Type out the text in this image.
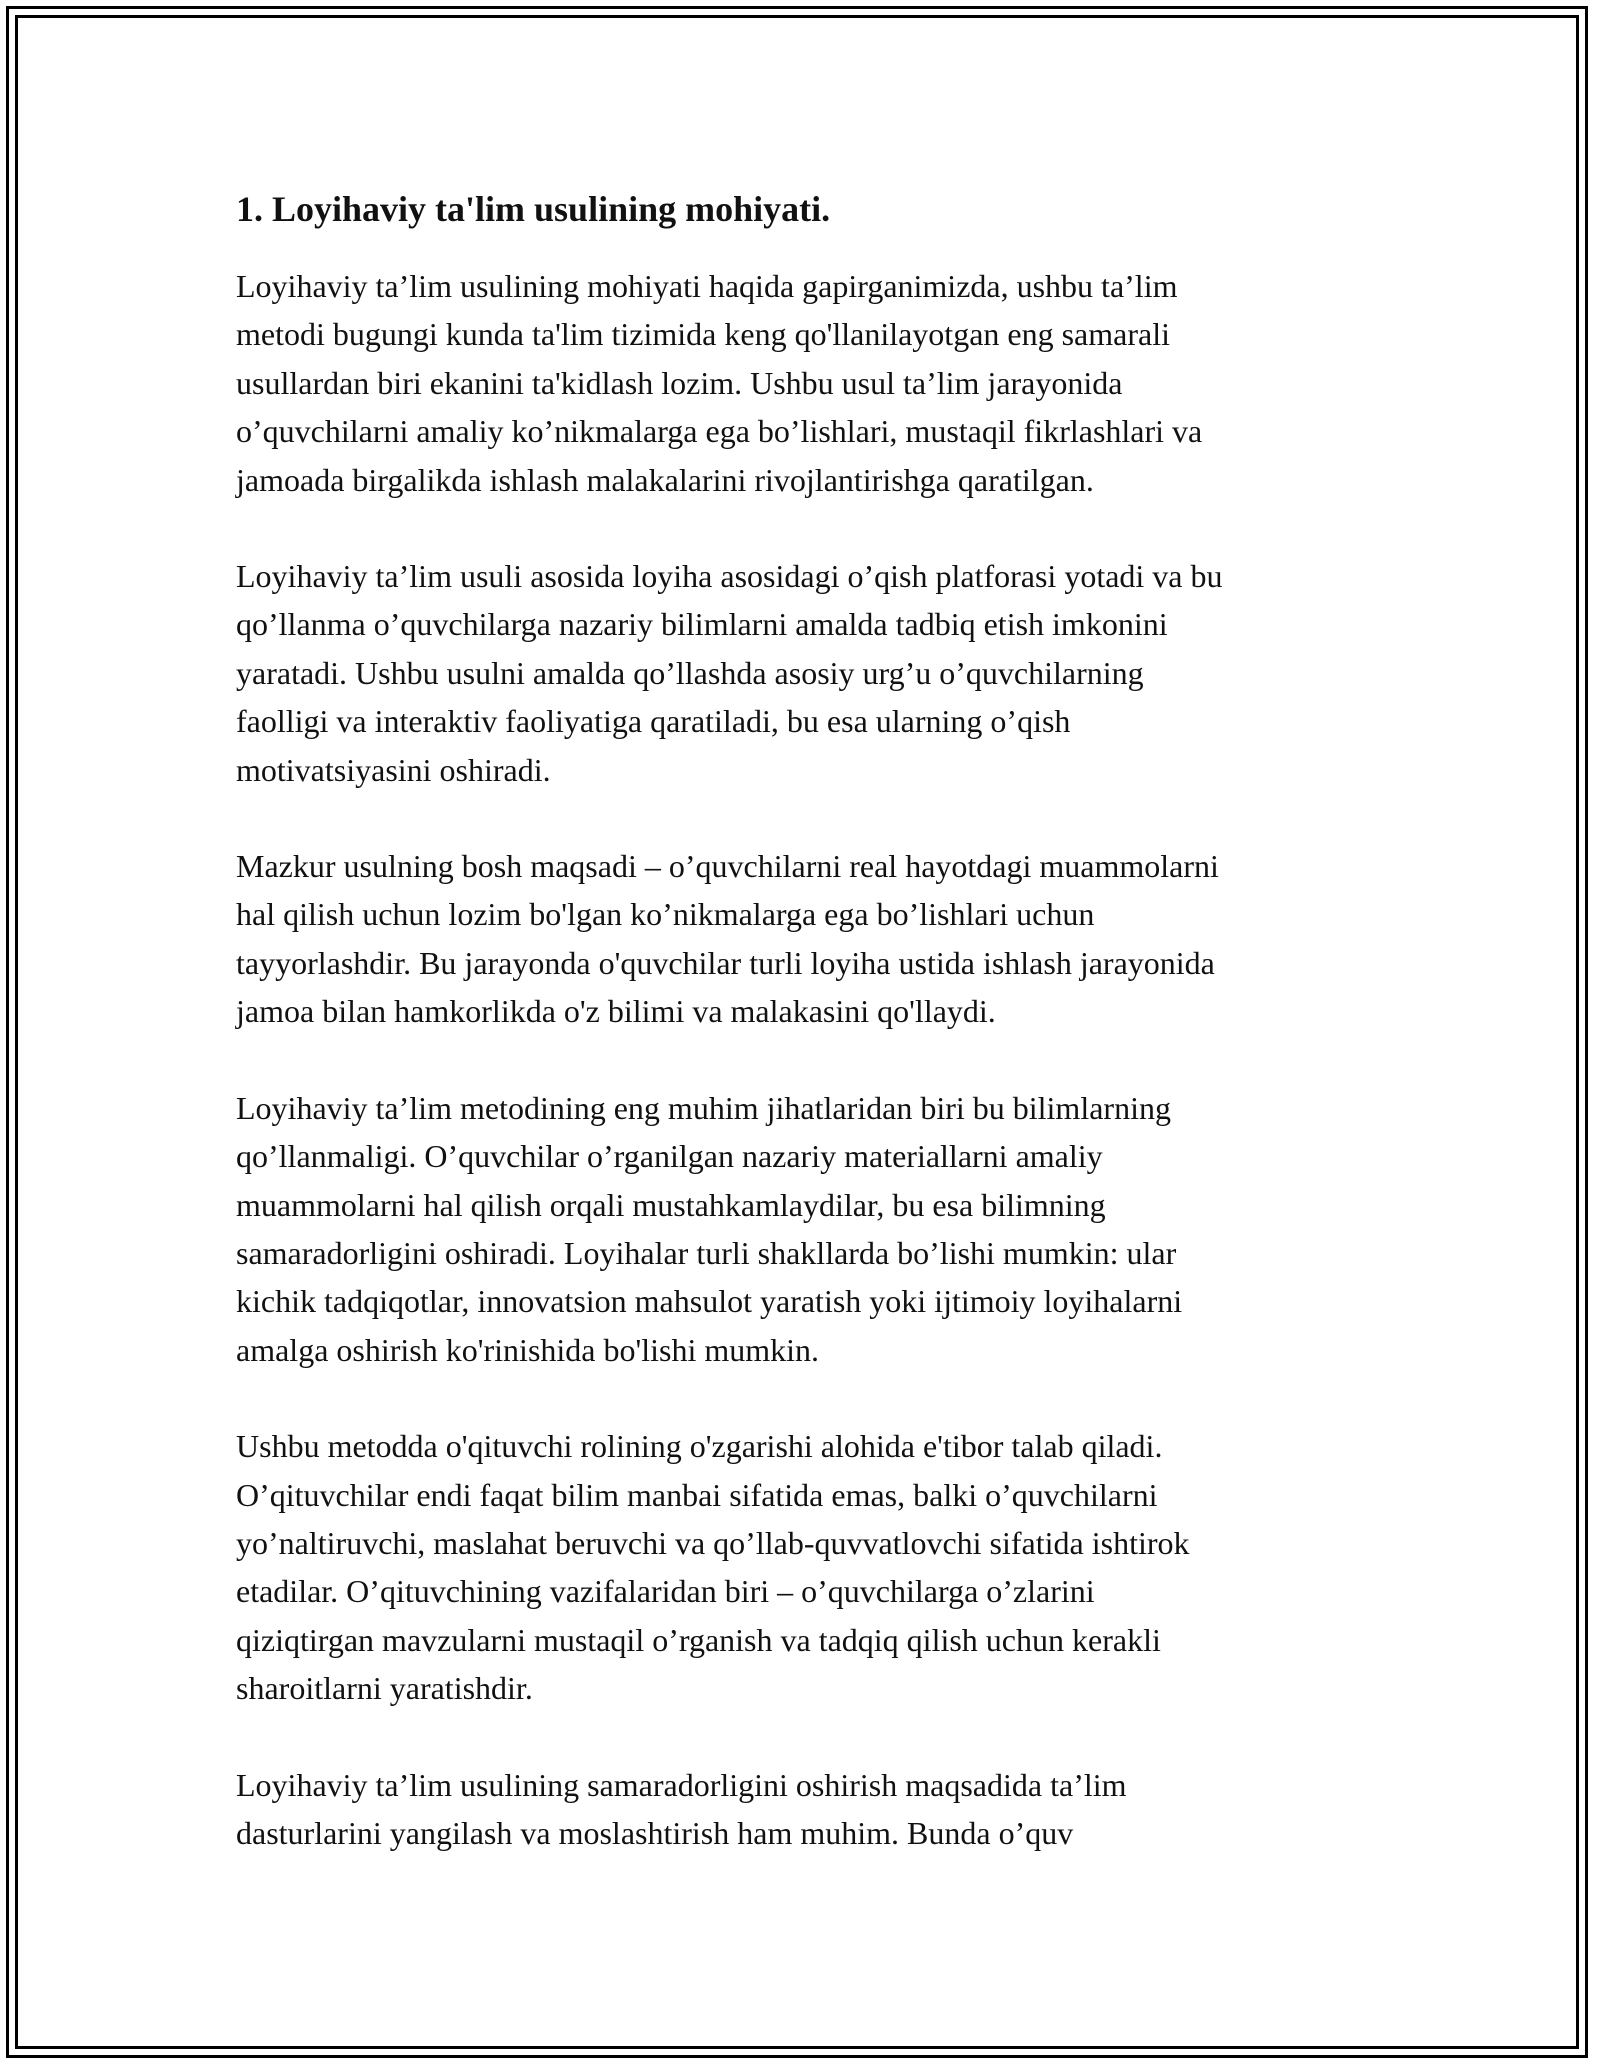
1. Loyihaviy ta'lim usulining mohiyati.

Loyihaviy ta’lim usulining mohiyati haqida gapirganimizda, ushbu ta’lim
metodi bugungi kunda ta'lim tizimida keng qo'llanilayotgan eng samarali
usullardan biri ekanini ta'kidlash lozim. Ushbu usul ta’lim jarayonida
o’quvchilarni amaliy ko’nikmalarga ega bo’lishlari, mustaqil fikrlashlari va
jamoada birgalikda ishlash malakalarini rivojlantirishga qaratilgan.

Loyihaviy ta’lim usuli asosida loyiha asosidagi o’qish platforasi yotadi va bu
qo’llanma o’quvchilarga nazariy bilimlarni amalda tadbiq etish imkonini
yaratadi. Ushbu usulni amalda qo’llashda asosiy urg’u o’quvchilarning
faolligi va interaktiv faoliyatiga qaratiladi, bu esa ularning o’qish
motivatsiyasini oshiradi.

Mazkur usulning bosh maqsadi – o’quvchilarni real hayotdagi muammolarni
hal qilish uchun lozim bo'lgan ko’nikmalarga ega bo’lishlari uchun
tayyorlashdir. Bu jarayonda o'quvchilar turli loyiha ustida ishlash jarayonida
jamoa bilan hamkorlikda o'z bilimi va malakasini qo'llaydi.

Loyihaviy ta’lim metodining eng muhim jihatlaridan biri bu bilimlarning
qo’llanmaligi. O’quvchilar o’rganilgan nazariy materiallarni amaliy
muammolarni hal qilish orqali mustahkamlaydilar, bu esa bilimning
samaradorligini oshiradi. Loyihalar turli shakllarda bo’lishi mumkin: ular
kichik tadqiqotlar, innovatsion mahsulot yaratish yoki ijtimoiy loyihalarni
amalga oshirish ko'rinishida bo'lishi mumkin.

Ushbu metodda o'qituvchi rolining o'zgarishi alohida e'tibor talab qiladi.
O’qituvchilar endi faqat bilim manbai sifatida emas, balki o’quvchilarni
yo’naltiruvchi, maslahat beruvchi va qo’llab-quvvatlovchi sifatida ishtirok
etadilar. O’qituvchining vazifalaridan biri – o’quvchilarga o’zlarini
qiziqtirgan mavzularni mustaqil o’rganish va tadqiq qilish uchun kerakli
sharoitlarni yaratishdir.

Loyihaviy ta’lim usulining samaradorligini oshirish maqsadida ta’lim
dasturlarini yangilash va moslashtirish ham muhim. Bunda o’quv
